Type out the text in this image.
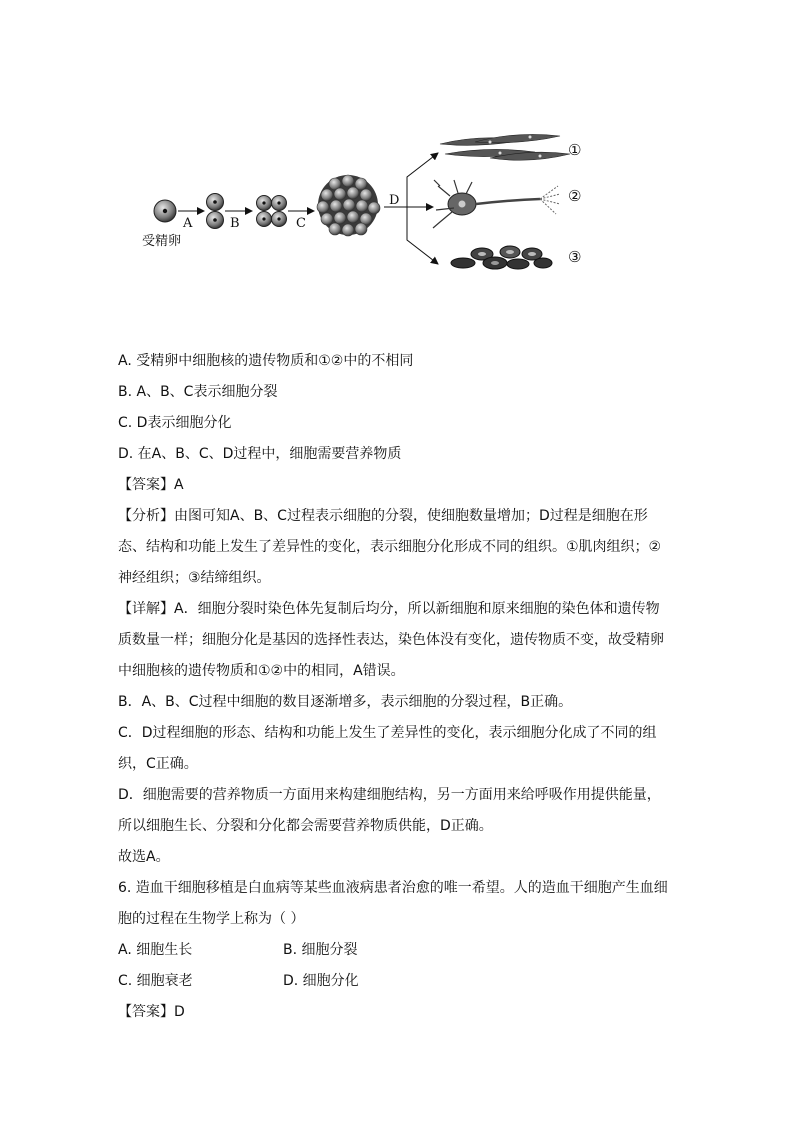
受精卵
A	B	C
D
①
②
③
A. 受精卵中细胞核的遗传物质和①②中的不相同
B. A、B、C表示细胞分裂
C. D表示细胞分化
D. 在A、B、C、D过程中，细胞需要营养物质
【答案】A
【分析】由图可知A、B、C过程表示细胞的分裂，使细胞数量增加；D过程是细胞在形
态、结构和功能上发生了差异性的变化，表示细胞分化形成不同的组织。①肌肉组织；②
神经组织；③结缔组织。
【详解】A．细胞分裂时染色体先复制后均分，所以新细胞和原来细胞的染色体和遗传物
质数量一样；细胞分化是基因的选择性表达，染色体没有变化，遗传物质不变，故受精卵
中细胞核的遗传物质和①②中的相同，A错误。
B．A、B、C过程中细胞的数目逐渐增多，表示细胞的分裂过程，B正确。
C．D过程细胞的形态、结构和功能上发生了差异性的变化，表示细胞分化成了不同的组
织，C正确。
D．细胞需要的营养物质一方面用来构建细胞结构，另一方面用来给呼吸作用提供能量，
所以细胞生长、分裂和分化都会需要营养物质供能，D正确。
故选A。
6. 造血干细胞移植是白血病等某些血液病患者治愈的唯一希望。人的造血干细胞产生血细
胞的过程在生物学上称为（ ）
A. 细胞生长	B. 细胞分裂
C. 细胞衰老	D. 细胞分化
【答案】D
